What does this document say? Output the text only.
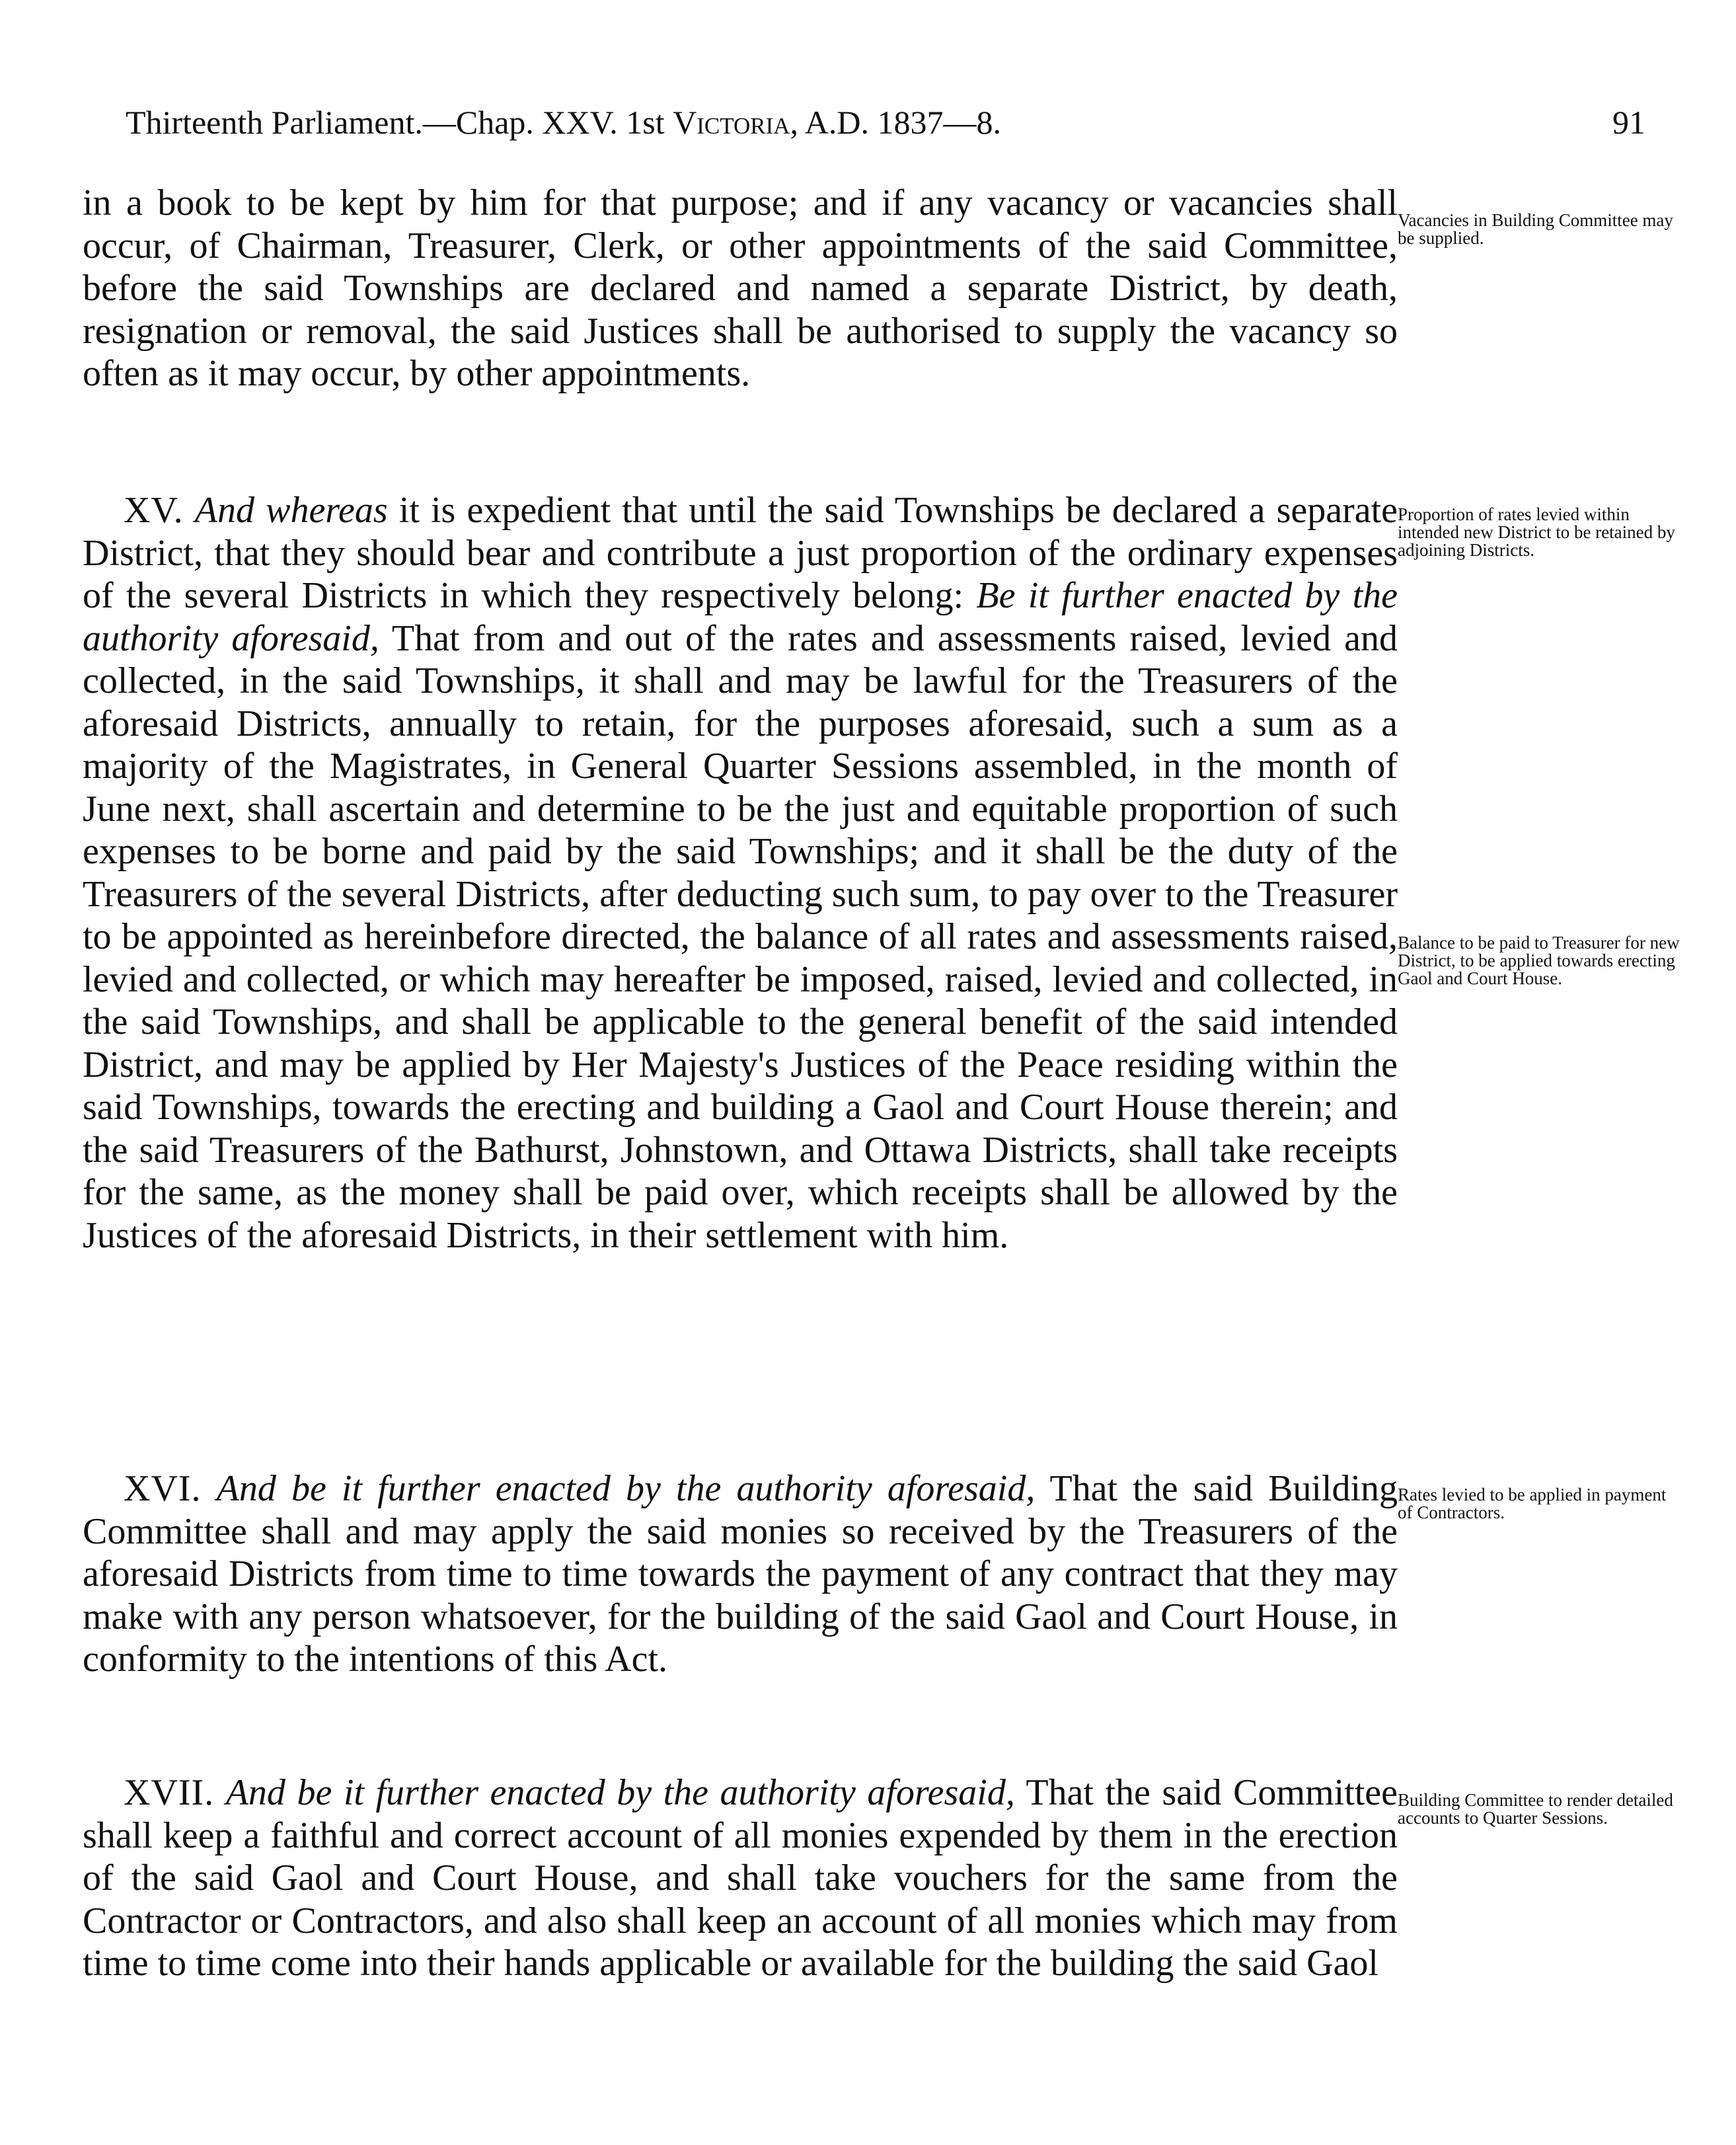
Thirteenth Parliament.—Chap. XXV. 1st Victoria, A.D. 1837—8.	91

in a book to be kept by him for that purpose; and if any vacancy or vacancies shall occur, of Chairman, Treasurer, Clerk, or other appointments of the said Committee, before the said Townships are declared and named a separate District, by death, resignation or removal, the said Justices shall be authorised to supply the vacancy so often as it may occur, by other appointments.

XV. And whereas it is expedient that until the said Townships be declared a separate District, that they should bear and contribute a just proportion of the ordinary expenses of the several Districts in which they respectively belong: Be it further enacted by the authority aforesaid, That from and out of the rates and assessments raised, levied and collected, in the said Townships, it shall and may be lawful for the Treasurers of the aforesaid Districts, annually to retain, for the purposes aforesaid, such a sum as a majority of the Magistrates, in General Quarter Sessions assembled, in the month of June next, shall ascertain and determine to be the just and equitable proportion of such expenses to be borne and paid by the said Townships; and it shall be the duty of the Treasurers of the several Districts, after deducting such sum, to pay over to the Treasurer to be appointed as hereinbefore directed, the balance of all rates and assessments raised, levied and collected, or which may hereafter be imposed, raised, levied and collected, in the said Townships, and shall be applicable to the general benefit of the said intended District, and may be applied by Her Majesty's Justices of the Peace residing within the said Townships, towards the erecting and building a Gaol and Court House therein; and the said Treasurers of the Bathurst, Johnstown, and Ottawa Districts, shall take receipts for the same, as the money shall be paid over, which receipts shall be allowed by the Justices of the aforesaid Districts, in their settlement with him.

XVI. And be it further enacted by the authority aforesaid, That the said Building Committee shall and may apply the said monies so received by the Treasurers of the aforesaid Districts from time to time towards the payment of any contract that they may make with any person whatsoever, for the building of the said Gaol and Court House, in conformity to the intentions of this Act.

XVII. And be it further enacted by the authority aforesaid, That the said Committee shall keep a faithful and correct account of all monies expended by them in the erection of the said Gaol and Court House, and shall take vouchers for the same from the Contractor or Contractors, and also shall keep an account of all monies which may from time to time come into their hands applicable or available for the building the said Gaol

Vacancies in Building Committee may be supplied.
Proportion of rates levied within intended new District to be retained by adjoining Districts.
Balance to be paid to Treasurer for new District, to be applied towards erecting Gaol and Court House.
Rates levied to be applied in payment of Contractors.
Building Committee to render detailed accounts to Quarter Sessions.
